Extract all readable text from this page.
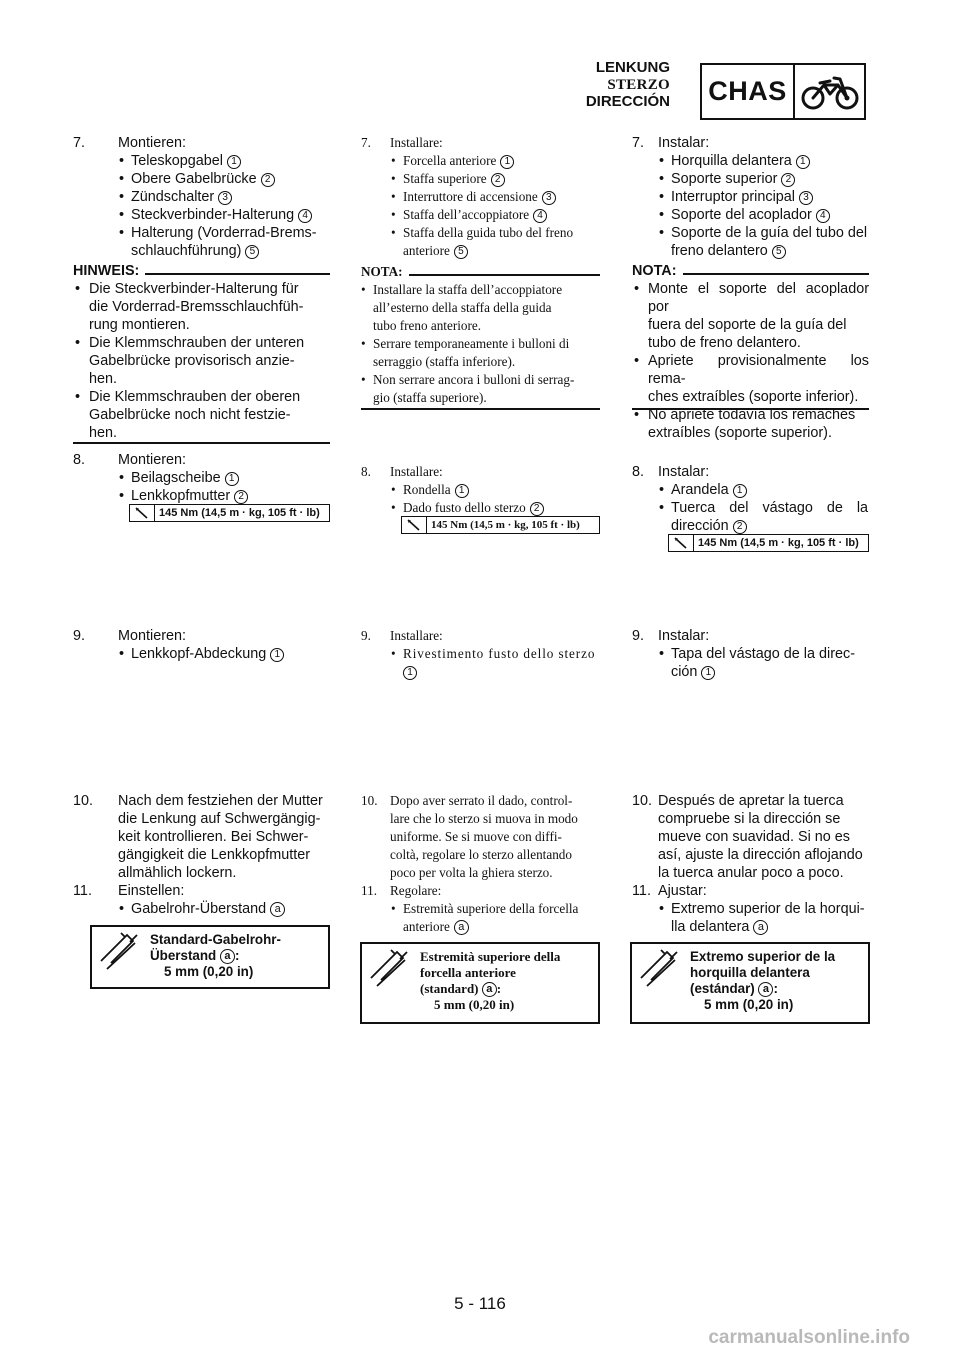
LENKUNG
STERZO
DIRECCIÓN CHAS
7.	Montieren:
• Teleskopgabel 1
• Obere Gabelbrücke 2
• Zündschalter 3
• Steckverbinder-Halterung 4
• Halterung (Vorderrad-Brems-
schlauchführung) 5
HINWEIS:
• Die Steckverbinder-Halterung für
die Vorderrad-Bremsschlauchfüh-
rung montieren.
• Die Klemmschrauben der unteren
Gabelbrücke provisorisch anzie-
hen.
• Die Klemmschrauben der oberen
Gabelbrücke noch nicht festzie-
hen.
8.	Montieren:
• Beilagscheibe 1
• Lenkkopfmutter 2
145 Nm (14,5 m · kg, 105 ft · lb)
9.	Montieren:
• Lenkkopf-Abdeckung 1
10.	Nach dem festziehen der Mutter
die Lenkung auf Schwergängig-
keit kontrollieren. Bei Schwer-
gängigkeit die Lenkkopfmutter
allmählich lockern.
11.	Einstellen:
• Gabelrohr-Überstand a
Standard-Gabelrohr-
Überstand a :
5 mm (0,20 in)
7.	Installare:
• Forcella anteriore 1
• Staffa superiore 2
• Interruttore di accensione 3
• Staffa dell’accoppiatore 4
• Staffa della guida tubo del freno
anteriore 5
NOTA:
• Installare la staffa dell’accoppiatore
all’esterno della staffa della guida
tubo freno anteriore.
• Serrare temporaneamente i bulloni di
serraggio (staffa inferiore).
• Non serrare ancora i bulloni di serrag-
gio (staffa superiore).
8.	Installare:
• Rondella 1
• Dado fusto dello sterzo 2
145 Nm (14,5 m · kg, 105 ft · lb)
9.	Installare:
• Rivestimento fusto dello sterzo
1
10. Dopo aver serrato il dado, control-
lare che lo sterzo si muova in modo
uniforme. Se si muove con diffi-
coltà, regolare lo sterzo allentando
poco per volta la ghiera sterzo.
11. Regolare:
• Estremità superiore della forcella
anteriore a
Estremità superiore della
forcella anteriore
(standard) a :
5 mm (0,20 in)
7. Instalar:
• Horquilla delantera 1
• Soporte superior 2
• Interruptor principal 3
• Soporte del acoplador 4
• Soporte de la guía del tubo del
freno delantero 5
NOTA:
• Monte el soporte del acoplador por
fuera del soporte de la guía del
tubo de freno delantero.
• Apriete provisionalmente los rema-
ches extraíbles (soporte inferior).
• No apriete todavía los remaches
extraíbles (soporte superior).
8. Instalar:
• Arandela 1
• Tuerca del vástago de la
dirección 2
145 Nm (14,5 m · kg, 105 ft · lb)
9. Instalar:
• Tapa del vástago de la direc-
ción 1
10. Después de apretar la tuerca
compruebe si la dirección se
mueve con suavidad. Si no es
así, ajuste la dirección aflojando
la tuerca anular poco a poco.
11. Ajustar:
• Extremo superior de la horqui-
lla delantera a
Extremo superior de la
horquilla delantera
(estándar) a :
5 mm (0,20 in)
5 - 116
carmanualsonline.info
